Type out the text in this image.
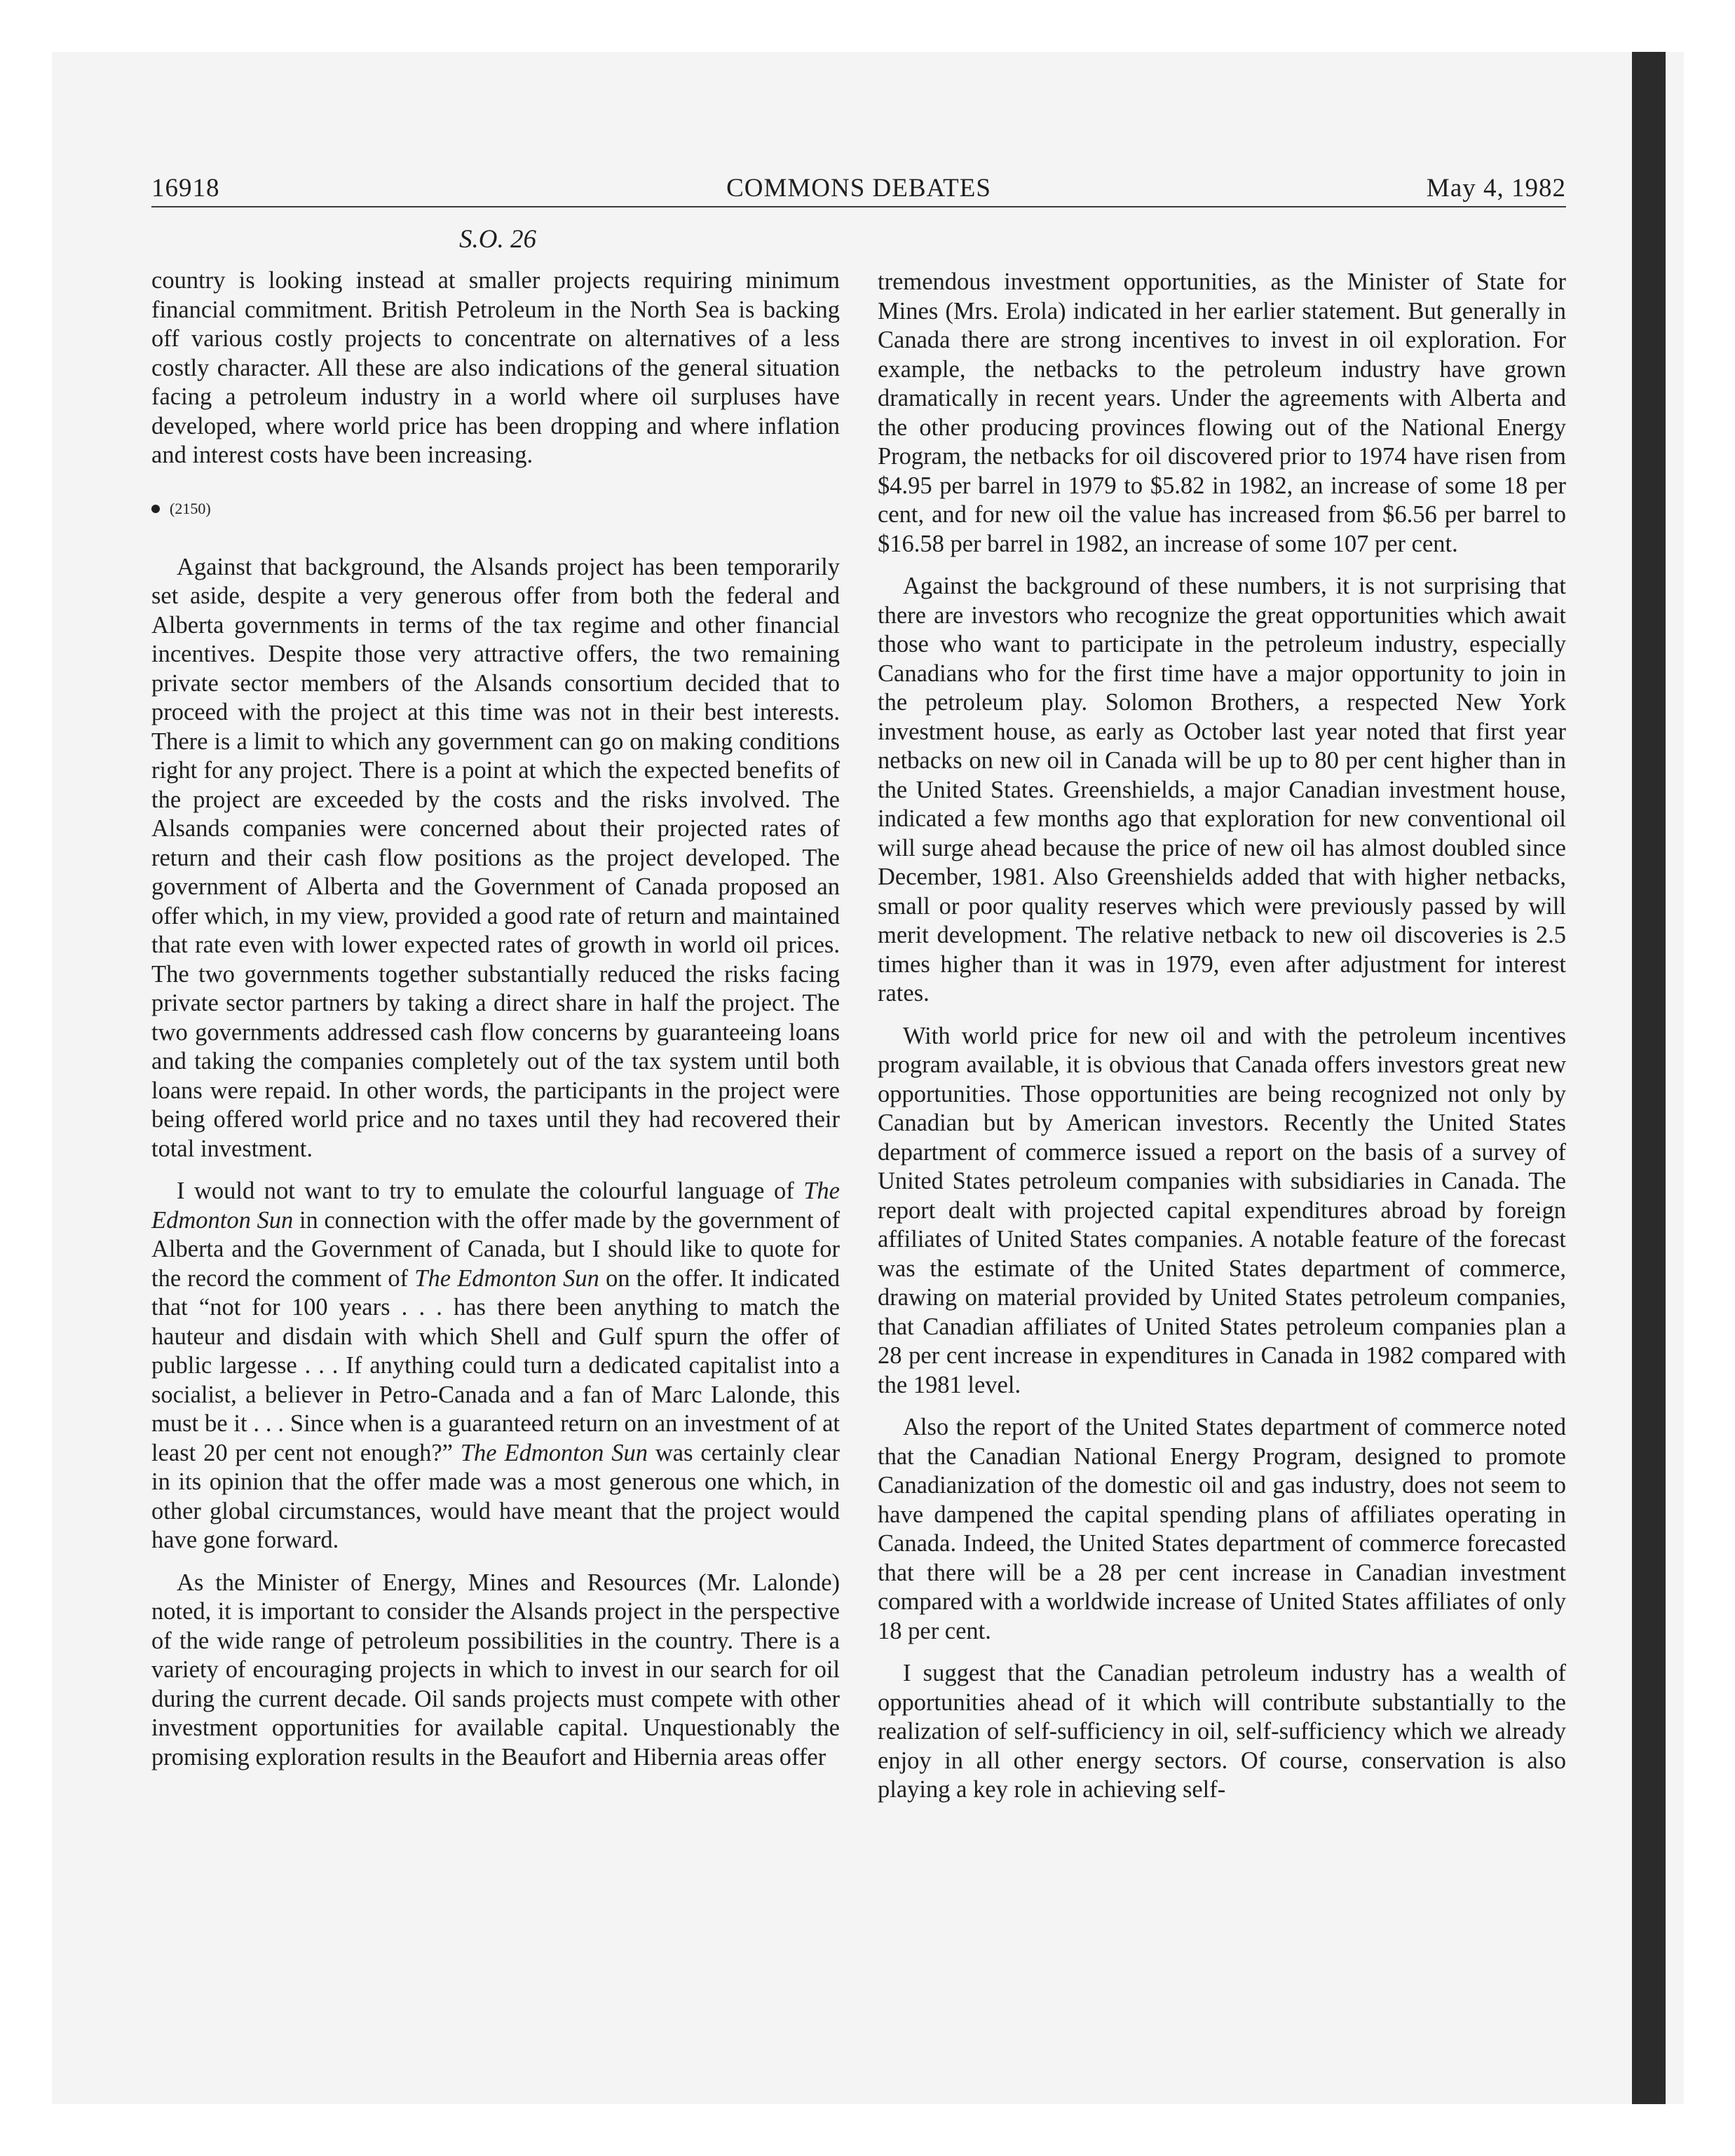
16918	COMMONS DEBATES	May 4, 1982
S.O. 26

country is looking instead at smaller projects requiring minimum financial commitment. British Petroleum in the North Sea is backing off various costly projects to concentrate on alternatives of a less costly character. All these are also indications of the general situation facing a petroleum industry in a world where oil surpluses have developed, where world price has been dropping and where inflation and interest costs have been increasing.

(2150)

Against that background, the Alsands project has been temporarily set aside, despite a very generous offer from both the federal and Alberta governments in terms of the tax regime and other financial incentives. Despite those very attractive offers, the two remaining private sector members of the Alsands consortium decided that to proceed with the project at this time was not in their best interests. There is a limit to which any government can go on making conditions right for any project. There is a point at which the expected benefits of the project are exceeded by the costs and the risks involved. The Alsands companies were concerned about their projected rates of return and their cash flow positions as the project developed. The government of Alberta and the Government of Canada proposed an offer which, in my view, provided a good rate of return and maintained that rate even with lower expected rates of growth in world oil prices. The two governments together substantially reduced the risks facing private sector partners by taking a direct share in half the project. The two governments addressed cash flow concerns by guaranteeing loans and taking the companies completely out of the tax system until both loans were repaid. In other words, the participants in the project were being offered world price and no taxes until they had recovered their total investment.

I would not want to try to emulate the colourful language of The Edmonton Sun in connection with the offer made by the government of Alberta and the Government of Canada, but I should like to quote for the record the comment of The Edmonton Sun on the offer. It indicated that “not for 100 years . . . has there been anything to match the hauteur and disdain with which Shell and Gulf spurn the offer of public largesse . . . If anything could turn a dedicated capitalist into a socialist, a believer in Petro-Canada and a fan of Marc Lalonde, this must be it . . . Since when is a guaranteed return on an investment of at least 20 per cent not enough?” The Edmonton Sun was certainly clear in its opinion that the offer made was a most generous one which, in other global circumstances, would have meant that the project would have gone forward.

As the Minister of Energy, Mines and Resources (Mr. Lalonde) noted, it is important to consider the Alsands project in the perspective of the wide range of petroleum possibilities in the country. There is a variety of encouraging projects in which to invest in our search for oil during the current decade. Oil sands projects must compete with other investment opportunities for available capital. Unquestionably the promising exploration results in the Beaufort and Hibernia areas offer

tremendous investment opportunities, as the Minister of State for Mines (Mrs. Erola) indicated in her earlier statement. But generally in Canada there are strong incentives to invest in oil exploration. For example, the netbacks to the petroleum industry have grown dramatically in recent years. Under the agreements with Alberta and the other producing provinces flowing out of the National Energy Program, the netbacks for oil discovered prior to 1974 have risen from $4.95 per barrel in 1979 to $5.82 in 1982, an increase of some 18 per cent, and for new oil the value has increased from $6.56 per barrel to $16.58 per barrel in 1982, an increase of some 107 per cent.

Against the background of these numbers, it is not surprising that there are investors who recognize the great opportunities which await those who want to participate in the petroleum industry, especially Canadians who for the first time have a major opportunity to join in the petroleum play. Solomon Brothers, a respected New York investment house, as early as October last year noted that first year netbacks on new oil in Canada will be up to 80 per cent higher than in the United States. Greenshields, a major Canadian investment house, indicated a few months ago that exploration for new conventional oil will surge ahead because the price of new oil has almost doubled since December, 1981. Also Greenshields added that with higher netbacks, small or poor quality reserves which were previously passed by will merit development. The relative netback to new oil discoveries is 2.5 times higher than it was in 1979, even after adjustment for interest rates.

With world price for new oil and with the petroleum incentives program available, it is obvious that Canada offers investors great new opportunities. Those opportunities are being recognized not only by Canadian but by American investors. Recently the United States department of commerce issued a report on the basis of a survey of United States petroleum companies with subsidiaries in Canada. The report dealt with projected capital expenditures abroad by foreign affiliates of United States companies. A notable feature of the forecast was the estimate of the United States department of commerce, drawing on material provided by United States petroleum companies, that Canadian affiliates of United States petroleum companies plan a 28 per cent increase in expenditures in Canada in 1982 compared with the 1981 level.

Also the report of the United States department of commerce noted that the Canadian National Energy Program, designed to promote Canadianization of the domestic oil and gas industry, does not seem to have dampened the capital spending plans of affiliates operating in Canada. Indeed, the United States department of commerce forecasted that there will be a 28 per cent increase in Canadian investment compared with a worldwide increase of United States affiliates of only 18 per cent.

I suggest that the Canadian petroleum industry has a wealth of opportunities ahead of it which will contribute substantially to the realization of self-sufficiency in oil, self-sufficiency which we already enjoy in all other energy sectors. Of course, conservation is also playing a key role in achieving self-
